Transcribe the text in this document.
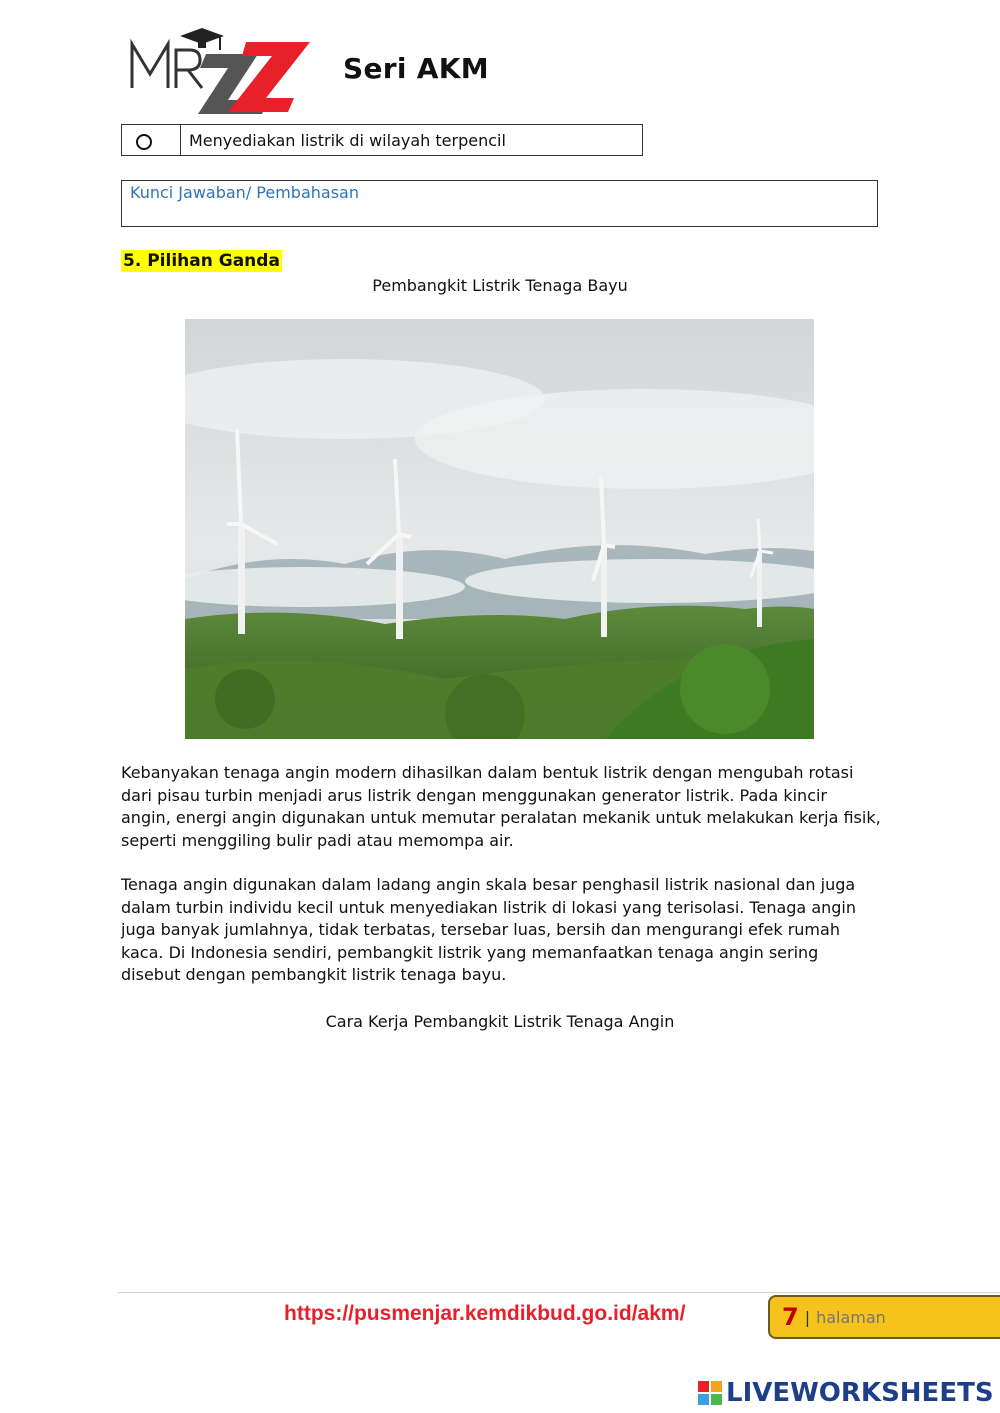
Seri AKM
Menyediakan listrik di wilayah terpencil
Kunci Jawaban/ Pembahasan
5. Pilihan Ganda
Pembangkit Listrik Tenaga Bayu
Kebanyakan tenaga angin modern dihasilkan dalam bentuk listrik dengan mengubah rotasi dari pisau turbin menjadi arus listrik dengan menggunakan generator listrik. Pada kincir angin, energi angin digunakan untuk memutar peralatan mekanik untuk melakukan kerja fisik, seperti menggiling bulir padi atau memompa air.
Tenaga angin digunakan dalam ladang angin skala besar penghasil listrik nasional dan juga dalam turbin individu kecil untuk menyediakan listrik di lokasi yang terisolasi. Tenaga angin juga banyak jumlahnya, tidak terbatas, tersebar luas, bersih dan mengurangi efek rumah kaca. Di Indonesia sendiri, pembangkit listrik yang memanfaatkan tenaga angin sering disebut dengan pembangkit listrik tenaga bayu.
Cara Kerja Pembangkit Listrik Tenaga Angin
https://pusmenjar.kemdikbud.go.id/akm/	7 | halaman
LIVEWORKSHEETS
